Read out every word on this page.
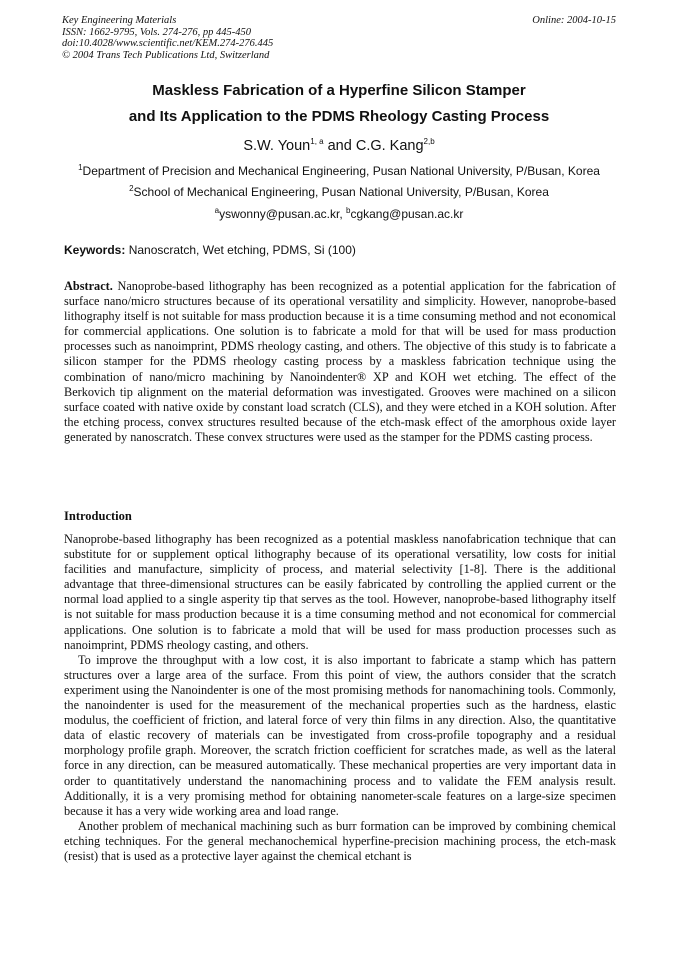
Key Engineering Materials
ISSN: 1662-9795, Vols. 274-276, pp 445-450
doi:10.4028/www.scientific.net/KEM.274-276.445
© 2004 Trans Tech Publications Ltd, Switzerland
Online: 2004-10-15
Maskless Fabrication of a Hyperfine Silicon Stamper
and Its Application to the PDMS Rheology Casting Process
S.W. Youn$^{1, a}$ and C.G. Kang$^{2,b}$
$^1$Department of Precision and Mechanical Engineering, Pusan National University, P/Busan, Korea
$^2$School of Mechanical Engineering, Pusan National University, P/Busan, Korea
$^a$yswonny@pusan.ac.kr, $^b$cgkang@pusan.ac.kr
Keywords: Nanoscratch, Wet etching, PDMS, Si (100)
Abstract. Nanoprobe-based lithography has been recognized as a potential application for the fabrication of surface nano/micro structures because of its operational versatility and simplicity. However, nanoprobe-based lithography itself is not suitable for mass production because it is a time consuming method and not economical for commercial applications. One solution is to fabricate a mold for that will be used for mass production processes such as nanoimprint, PDMS rheology casting, and others. The objective of this study is to fabricate a silicon stamper for the PDMS rheology casting process by a maskless fabrication technique using the combination of nano/micro machining by Nanoindenter® XP and KOH wet etching. The effect of the Berkovich tip alignment on the material deformation was investigated. Grooves were machined on a silicon surface coated with native oxide by constant load scratch (CLS), and they were etched in a KOH solution. After the etching process, convex structures resulted because of the etch-mask effect of the amorphous oxide layer generated by nanoscratch. These convex structures were used as the stamper for the PDMS casting process.
Introduction
Nanoprobe-based lithography has been recognized as a potential maskless nanofabrication technique that can substitute for or supplement optical lithography because of its operational versatility, low costs for initial facilities and manufacture, simplicity of process, and material selectivity [1-8]. There is the additional advantage that three-dimensional structures can be easily fabricated by controlling the applied current or the normal load applied to a single asperity tip that serves as the tool. However, nanoprobe-based lithography itself is not suitable for mass production because it is a time consuming method and not economical for commercial applications. One solution is to fabricate a mold that will be used for mass production processes such as nanoimprint, PDMS rheology casting, and others.
To improve the throughput with a low cost, it is also important to fabricate a stamp which has pattern structures over a large area of the surface. From this point of view, the authors consider that the scratch experiment using the Nanoindenter is one of the most promising methods for nanomachining tools. Commonly, the nanoindenter is used for the measurement of the mechanical properties such as the hardness, elastic modulus, the coefficient of friction, and lateral force of very thin films in any direction. Also, the quantitative data of elastic recovery of materials can be investigated from cross-profile topography and a residual morphology profile graph. Moreover, the scratch friction coefficient for scratches made, as well as the lateral force in any direction, can be measured automatically. These mechanical properties are very important data in order to quantitatively understand the nanomachining process and to validate the FEM analysis result. Additionally, it is a very promising method for obtaining nanometer-scale features on a large-size specimen because it has a very wide working area and load range.
Another problem of mechanical machining such as burr formation can be improved by combining chemical etching techniques. For the general mechanochemical hyperfine-precision machining process, the etch-mask (resist) that is used as a protective layer against the chemical etchant is
